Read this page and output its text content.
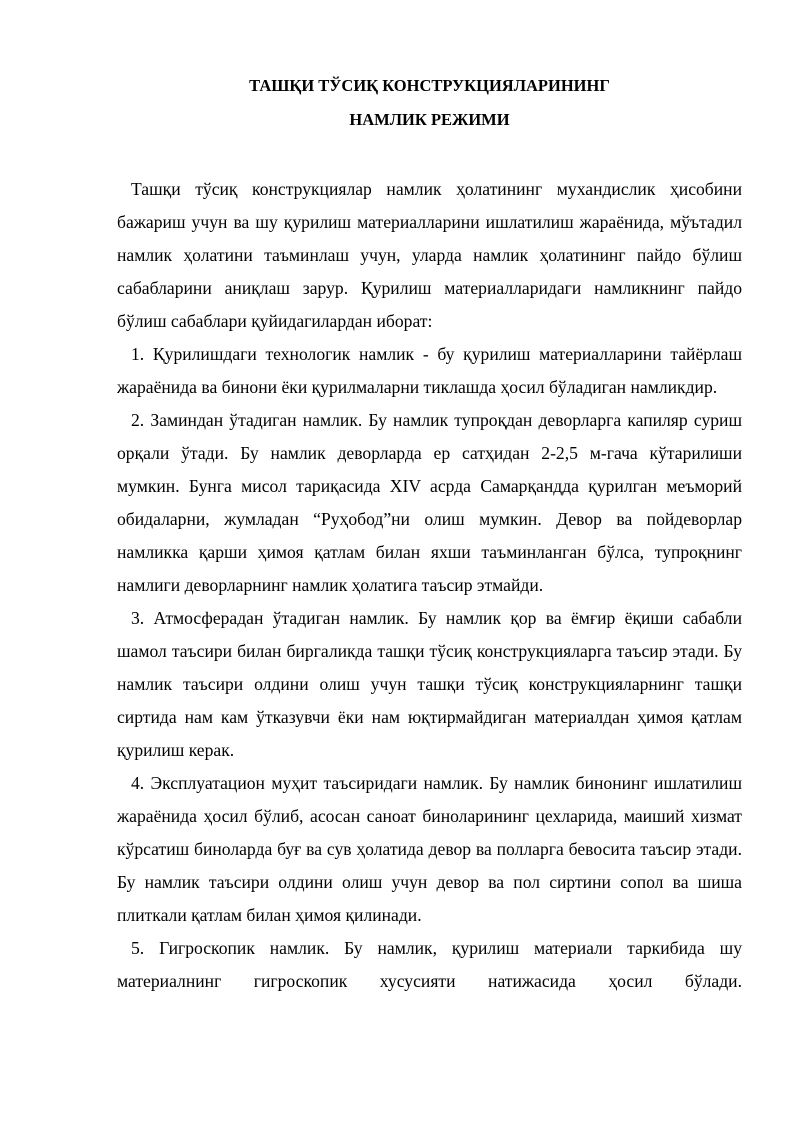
ТАШҚИ ТЎСИҚ КОНСТРУКЦИЯЛАРИНИНГ
НАМЛИК РЕЖИМИ

Ташқи тўсиқ конструкциялар намлик ҳолатининг мухандислик ҳисобини бажариш учун ва шу қурилиш материалларини ишлатилиш жараёнида, мўътадил намлик ҳолатини таъминлаш учун, уларда намлик ҳолатининг пайдо бўлиш сабабларини аниқлаш зарур. Қурилиш материалларидаги намликнинг пайдо бўлиш сабаблари қуйидагилардан иборат:

1. Қурилишдаги технологик намлик - бу қурилиш материалларини тайёрлаш жараёнида ва бинони ёки қурилмаларни тиклашда ҳосил бўладиган намликдир.

2. Заминдан ўтадиган намлик. Бу намлик тупроқдан деворларга капиляр суриш орқали ўтади. Бу намлик деворларда ер сатҳидан 2-2,5 м-гача кўтарилиши мумкин. Бунга мисол тариқасида XIV асрда Самарқандда қурилган меъморий обидаларни, жумладан “Руҳобод”ни олиш мумкин. Девор ва пойдеворлар намликка қарши ҳимоя қатлам билан яхши таъминланган бўлса, тупроқнинг намлиги деворларнинг намлик ҳолатига таъсир этмайди.

3. Атмосферадан ўтадиган намлик. Бу намлик қор ва ёмғир ёқиши сабабли шамол таъсири билан биргаликда ташқи тўсиқ конструкцияларга таъсир этади. Бу намлик таъсири олдини олиш учун ташқи тўсиқ конструкцияларнинг ташқи сиртида нам кам ўтказувчи ёки нам юқтирмайдиган материалдан ҳимоя қатлам қурилиш керак.

4. Эксплуатацион муҳит таъсиридаги намлик. Бу намлик бинонинг ишлатилиш жараёнида ҳосил бўлиб, асосан саноат биноларининг цехларида, маиший хизмат кўрсатиш биноларда буғ ва сув ҳолатида девор ва полларга бевосита таъсир этади. Бу намлик таъсири олдини олиш учун девор ва пол сиртини сопол ва шиша плиткали қатлам билан ҳимоя қилинади.

5. Гигроскопик намлик. Бу намлик, қурилиш материали таркибида шу материалнинг гигроскопик хусусияти натижасида ҳосил бўлади.
